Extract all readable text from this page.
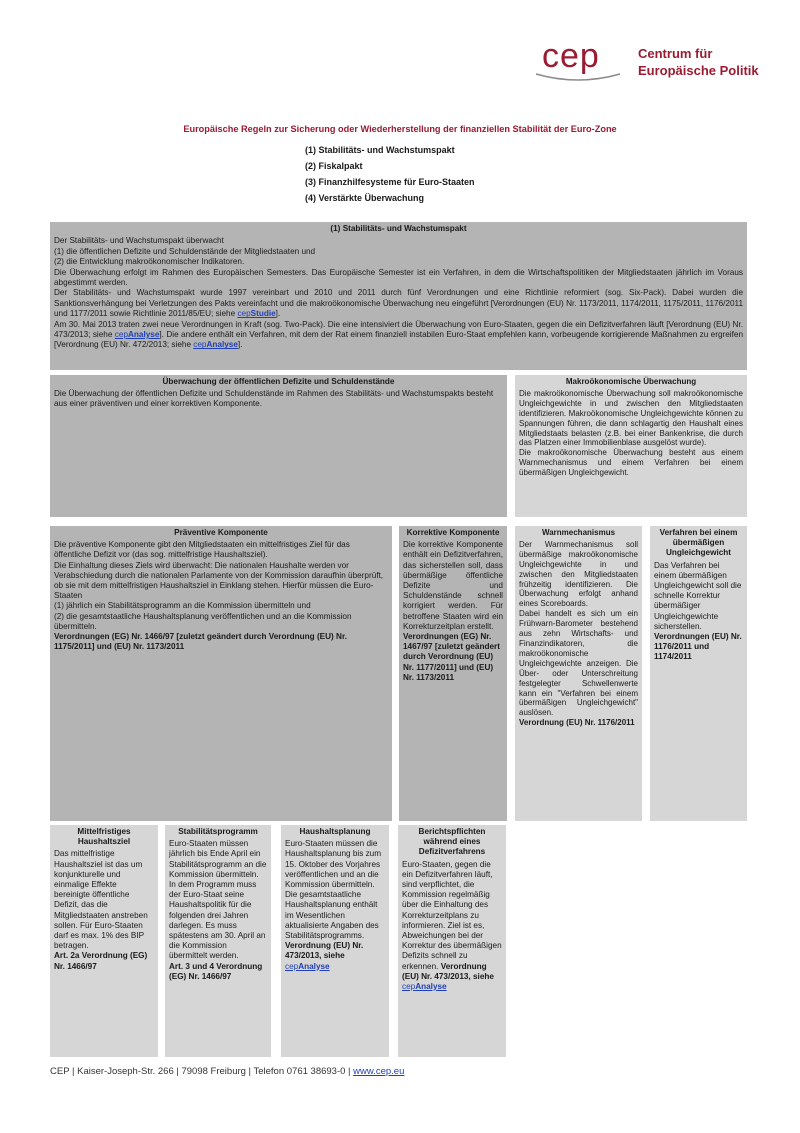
cep	Centrum für
Europäische Politik
Europäische Regeln zur Sicherung oder Wiederherstellung der finanziellen Stabilität der Euro-Zone
(1) Stabilitäts- und Wachstumspakt
(2) Fiskalpakt
(3) Finanzhilfesysteme für Euro-Staaten
(4) Verstärkte Überwachung
(1) Stabilitäts- und Wachstumspakt

Der Stabilitäts- und Wachstumspakt überwacht

(1) die öffentlichen Defizite und Schuldenstände der Mitgliedstaaten und

(2) die Entwicklung makroökonomischer Indikatoren.

Die Überwachung erfolgt im Rahmen des Europäischen Semesters. Das Europäische Semester ist ein Verfahren, in dem die Wirtschaftspolitiken der Mitgliedstaaten jährlich im Voraus abgestimmt werden.

Der Stabilitäts- und Wachstumspakt wurde 1997 vereinbart und 2010 und 2011 durch fünf Verordnungen und eine Richtlinie reformiert (sog. Six-Pack). Dabei wurden die Sanktionsverhängung bei Verletzungen des Pakts vereinfacht und die makroökonomische Überwachung neu eingeführt [Verordnungen (EU) Nr. 1173/2011, 1174/2011, 1175/2011, 1176/2011 und 1177/2011 sowie Richtlinie 2011/85/EU; siehe cepStudie].

Am 30. Mai 2013 traten zwei neue Verordnungen in Kraft (sog. Two-Pack). Die eine intensiviert die Überwachung von Euro-Staaten, gegen die ein Defizitverfahren läuft [Verordnung (EU) Nr. 473/2013; siehe cepAnalyse]. Die andere enthält ein Verfahren, mit dem der Rat einem finanziell instabilen Euro-Staat empfehlen kann, vorbeugende korrigierende Maßnahmen zu ergreifen [Verordnung (EU) Nr. 472/2013; siehe cepAnalyse].

Überwachung der öffentlichen Defizite und Schuldenstände

Die Überwachung der öffentlichen Defizite und Schuldenstände im Rahmen des Stabilitäts- und Wachstumspakts besteht aus einer präventiven und einer korrektiven Komponente.

Makroökonomische Überwachung

Die makroökonomische Überwachung soll makroökonomische Ungleichgewichte in und zwischen den Mitgliedstaaten identifizieren. Makroökonomische Ungleichgewichte können zu Spannungen führen, die dann schlagartig den Haushalt eines Mitgliedstaats belasten (z.B. bei einer Bankenkrise, die durch das Platzen einer Immobilienblase ausgelöst wurde).

Die makroökonomische Überwachung besteht aus einem Warnmechanismus und einem Verfahren bei einem übermäßigen Ungleichgewicht.

Präventive Komponente

Die präventive Komponente gibt den Mitgliedstaaten ein mittelfristiges Ziel für das öffentliche Defizit vor (das sog. mittelfristige Haushaltsziel).

Die Einhaltung dieses Ziels wird überwacht: Die nationalen Haushalte werden vor Verabschiedung durch die nationalen Parlamente von der Kommission daraufhin überprüft, ob sie mit dem mittelfristigen Haushaltsziel in Einklang stehen. Hierfür müssen die Euro-Staaten

(1) jährlich ein Stabilitätsprogramm an die Kommission übermitteln und

(2) die gesamtstaatliche Haushaltsplanung veröffentlichen und an die Kommission übermitteln.

Verordnungen (EG) Nr. 1466/97 [zuletzt geändert durch Verordnung (EU) Nr. 1175/2011] und (EU) Nr. 1173/2011

Korrektive Komponente

Die korrektive Komponente enthält ein Defizitverfahren, das sicherstellen soll, dass übermäßige öffentliche Defizite und Schuldenstände schnell korrigiert werden. Für betroffene Staaten wird ein Korrekturzeitplan erstellt.

Verordnungen (EG) Nr. 1467/97 [zuletzt geändert durch Verordnung (EU) Nr. 1177/2011] und (EU) Nr. 1173/2011

Warnmechanismus

Der Warnmechanismus soll übermäßige makroökonomische Ungleichgewichte in und zwischen den Mitgliedstaaten frühzeitig identifizieren. Die Überwachung erfolgt anhand eines Scoreboards.

Dabei handelt es sich um ein Frühwarn-Barometer bestehend aus zehn Wirtschafts- und Finanzindikatoren, die makroökonomische Ungleichgewichte anzeigen. Die Über- oder Unterschreitung festgelegter Schwellenwerte kann ein "Verfahren bei einem übermäßigen Ungleichgewicht" auslösen.

Verordnung (EU) Nr. 1176/2011

Verfahren bei einem übermäßigen Ungleichgewicht

Das Verfahren bei einem übermäßigen Ungleichgewicht soll die schnelle Korrektur übermäßiger Ungleichgewichte sicherstellen.

Verordnungen (EU) Nr. 1176/2011 und 1174/2011

Mittelfristiges Haushaltsziel

Das mittelfristige Haushaltsziel ist das um konjunkturelle und einmalige Effekte bereinigte öffentliche Defizit, das die Mitgliedstaaten anstreben sollen. Für Euro-Staaten darf es max. 1% des BIP betragen.

Art. 2a Verordnung (EG) Nr. 1466/97

Stabilitätsprogramm

Euro-Staaten müssen jährlich bis Ende April ein Stabilitätsprogramm an die Kommission übermitteln. In dem Programm muss der Euro-Staat seine Haushaltspolitik für die folgenden drei Jahren darlegen. Es muss spätestens am 30. April an die Kommission übermittelt werden.

Art. 3 und 4 Verordnung (EG) Nr. 1466/97

Haushaltsplanung

Euro-Staaten müssen die Haushaltsplanung bis zum 15. Oktober des Vorjahres veröffentlichen und an die Kommission übermitteln. Die gesamtstaatliche Haushaltsplanung enthält im Wesentlichen aktualisierte Angaben des Stabilitätsprogramms. Verordnung (EU) Nr. 473/2013, siehe cepAnalyse

Berichtspflichten während eines Defizitverfahrens

Euro-Staaten, gegen die ein Defizitverfahren läuft, sind verpflichtet, die Kommission regelmäßig über die Einhaltung des Korrekturzeitplans zu informieren. Ziel ist es, Abweichungen bei der Korrektur des übermäßigen Defizits schnell zu erkennen. Verordnung (EU) Nr. 473/2013, siehe cepAnalyse

CEP | Kaiser-Joseph-Str. 266 | 79098 Freiburg | Telefon 0761 38693-0 | www.cep.eu
